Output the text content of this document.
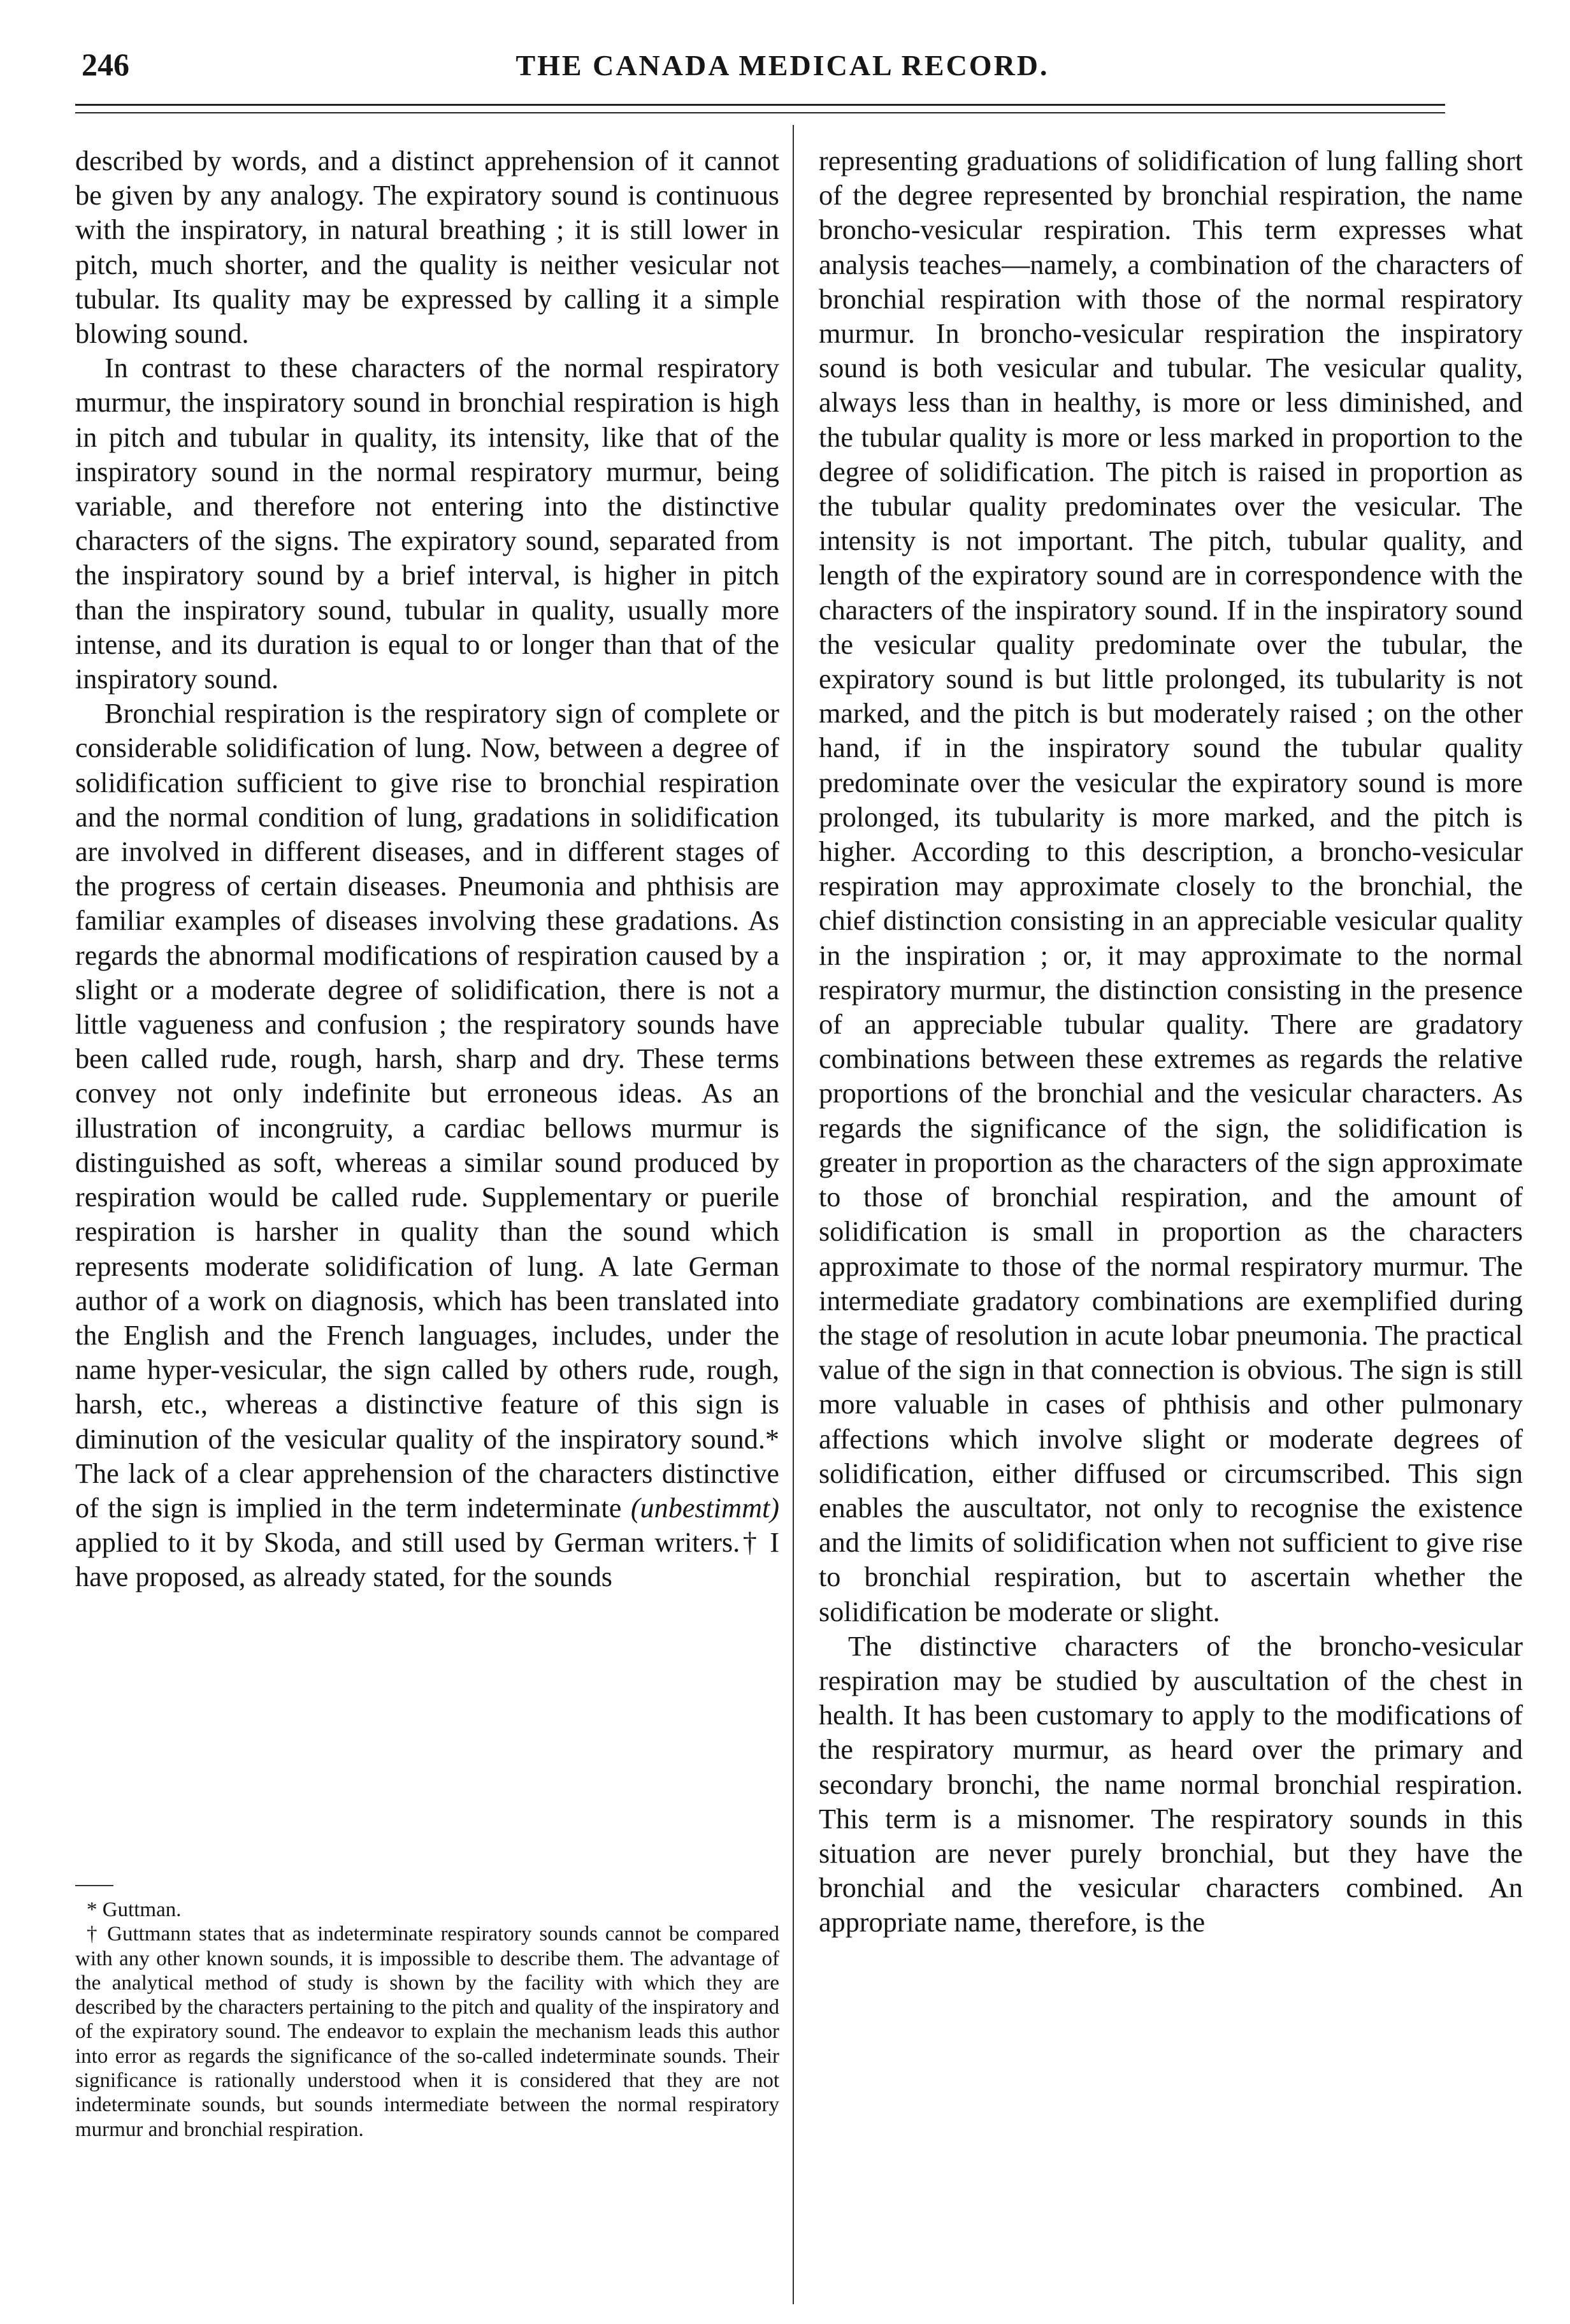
246	THE CANADA MEDICAL RECORD.

described by words, and a distinct apprehension of it cannot be given by any analogy. The expiratory sound is continuous with the inspiratory, in natural breathing ; it is still lower in pitch, much shorter, and the quality is neither vesicular not tubular. Its quality may be expressed by calling it a simple blowing sound.

In contrast to these characters of the normal respiratory murmur, the inspiratory sound in bronchial respiration is high in pitch and tubular in quality, its intensity, like that of the inspiratory sound in the normal respiratory murmur, being variable, and therefore not entering into the distinctive characters of the signs. The expiratory sound, separated from the inspiratory sound by a brief interval, is higher in pitch than the inspiratory sound, tubular in quality, usually more intense, and its duration is equal to or longer than that of the inspiratory sound.

Bronchial respiration is the respiratory sign of complete or considerable solidification of lung. Now, between a degree of solidification sufficient to give rise to bronchial respiration and the normal condition of lung, gradations in solidification are involved in different diseases, and in different stages of the progress of certain diseases. Pneumonia and phthisis are familiar examples of diseases involving these gradations. As regards the abnormal modifications of respiration caused by a slight or a moderate degree of solidification, there is not a little vagueness and confusion ; the respiratory sounds have been called rude, rough, harsh, sharp and dry. These terms convey not only indefinite but erroneous ideas. As an illustration of incongruity, a cardiac bellows murmur is distinguished as soft, whereas a similar sound produced by respiration would be called rude. Supplementary or puerile respiration is harsher in quality than the sound which represents moderate solidification of lung. A late German author of a work on diagnosis, which has been translated into the English and the French languages, includes, under the name hyper-vesicular, the sign called by others rude, rough, harsh, etc., whereas a distinctive feature of this sign is diminution of the vesicular quality of the inspiratory sound.* The lack of a clear apprehension of the characters distinctive of the sign is implied in the term indeterminate (unbestimmt) applied to it by Skoda, and still used by German writers.† I have proposed, as already stated, for the sounds

* Guttman.

† Guttmann states that as indeterminate respiratory sounds cannot be compared with any other known sounds, it is impossible to describe them. The advantage of the analytical method of study is shown by the facility with which they are described by the characters pertaining to the pitch and quality of the inspiratory and of the expiratory sound. The endeavor to explain the mechanism leads this author into error as regards the significance of the so-called indeterminate sounds. Their significance is rationally understood when it is considered that they are not indeterminate sounds, but sounds intermediate between the normal respiratory murmur and bronchial respiration.

representing graduations of solidification of lung falling short of the degree represented by bronchial respiration, the name broncho-vesicular respiration. This term expresses what analysis teaches—namely, a combination of the characters of bronchial respiration with those of the normal respiratory murmur. In broncho-vesicular respiration the inspiratory sound is both vesicular and tubular. The vesicular quality, always less than in healthy, is more or less diminished, and the tubular quality is more or less marked in proportion to the degree of solidification. The pitch is raised in proportion as the tubular quality predominates over the vesicular. The intensity is not important. The pitch, tubular quality, and length of the expiratory sound are in correspondence with the characters of the inspiratory sound. If in the inspiratory sound the vesicular quality predominate over the tubular, the expiratory sound is but little prolonged, its tubularity is not marked, and the pitch is but moderately raised ; on the other hand, if in the inspiratory sound the tubular quality predominate over the vesicular the expiratory sound is more prolonged, its tubularity is more marked, and the pitch is higher. According to this description, a broncho-vesicular respiration may approximate closely to the bronchial, the chief distinction consisting in an appreciable vesicular quality in the inspiration ; or, it may approximate to the normal respiratory murmur, the distinction consisting in the presence of an appreciable tubular quality. There are gradatory combinations between these extremes as regards the relative proportions of the bronchial and the vesicular characters. As regards the significance of the sign, the solidification is greater in proportion as the characters of the sign approximate to those of bronchial respiration, and the amount of solidification is small in proportion as the characters approximate to those of the normal respiratory murmur. The intermediate gradatory combinations are exemplified during the stage of resolution in acute lobar pneumonia. The practical value of the sign in that connection is obvious. The sign is still more valuable in cases of phthisis and other pulmonary affections which involve slight or moderate degrees of solidification, either diffused or circumscribed. This sign enables the auscultator, not only to recognise the existence and the limits of solidification when not sufficient to give rise to bronchial respiration, but to ascertain whether the solidification be moderate or slight.

The distinctive characters of the broncho-vesicular respiration may be studied by auscultation of the chest in health. It has been customary to apply to the modifications of the respiratory murmur, as heard over the primary and secondary bronchi, the name normal bronchial respiration. This term is a misnomer. The respiratory sounds in this situation are never purely bronchial, but they have the bronchial and the vesicular characters combined. An appropriate name, therefore, is the
